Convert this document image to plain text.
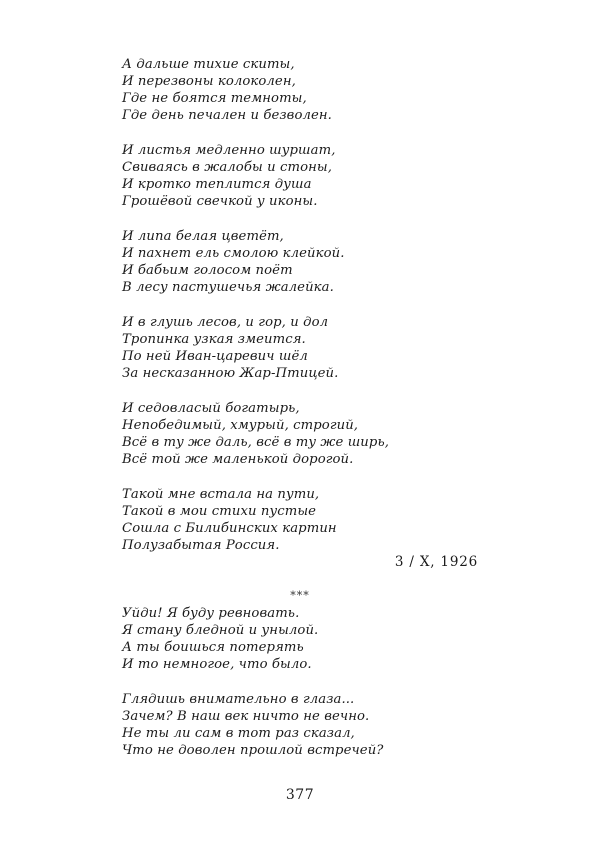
А дальше тихие скиты,
И перезвоны колоколен,
Где не боятся темноты,
Где день печален и безволен.
И листья медленно шуршат,
Свиваясь в жалобы и стоны,
И кротко теплится душа
Грошёвой свечкой у иконы.
И липа белая цветёт,
И пахнет ель смолою клейкой.
И бабьим голосом поёт
В лесу пастушечья жалейка.
И в глушь лесов, и гор, и дол
Тропинка узкая змеится.
По ней Иван-царевич шёл
За несказанною Жар-Птицей.
И седовласый богатырь,
Непобедимый, хмурый, строгий,
Всё в ту же даль, всё в ту же ширь,
Всё той же маленькой дорогой.
Такой мне встала на пути,
Такой в мои стихи пустые
Сошла с Билибинских картин
Полузабытая Россия.
3 / X, 1926
***
Уйди! Я буду ревновать.
Я стану бледной и унылой.
А ты боишься потерять
И то немногое, что было.
Глядишь внимательно в глаза...
Зачем? В наш век ничто не вечно.
Не ты ли сам в тот раз сказал,
Что не доволен прошлой встречей?
377
